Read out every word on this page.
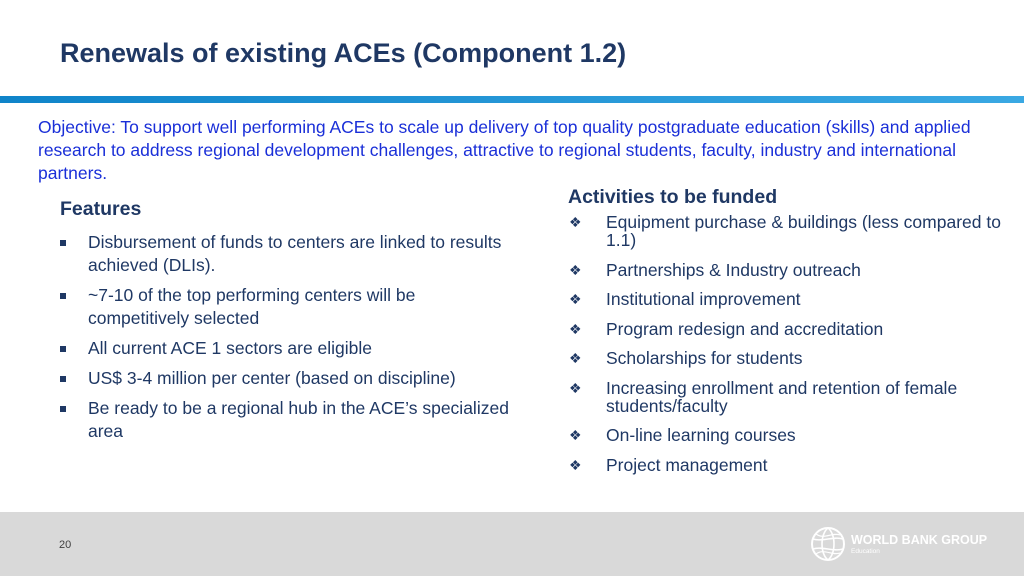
Renewals of existing ACEs (Component 1.2)

Objective: To support well performing ACEs to scale up delivery of top quality postgraduate education (skills) and applied research to address regional development challenges, attractive to regional students, faculty, industry and international partners.

Features
Disbursement of funds to centers are linked to results achieved (DLIs).
~7-10 of the top performing centers will be competitively selected
All current ACE 1 sectors are eligible
US$ 3-4 million per center (based on discipline)
Be ready to be a regional hub in the ACE’s specialized area
Activities to be funded
❖ Equipment purchase & buildings (less compared to 1.1)
❖ Partnerships & Industry outreach
❖ Institutional improvement
❖ Program redesign and accreditation
❖ Scholarships for students
❖ Increasing enrollment and retention of female students/faculty
❖ On-line learning courses
❖ Project management
20	WORLD BANK GROUP
Education
